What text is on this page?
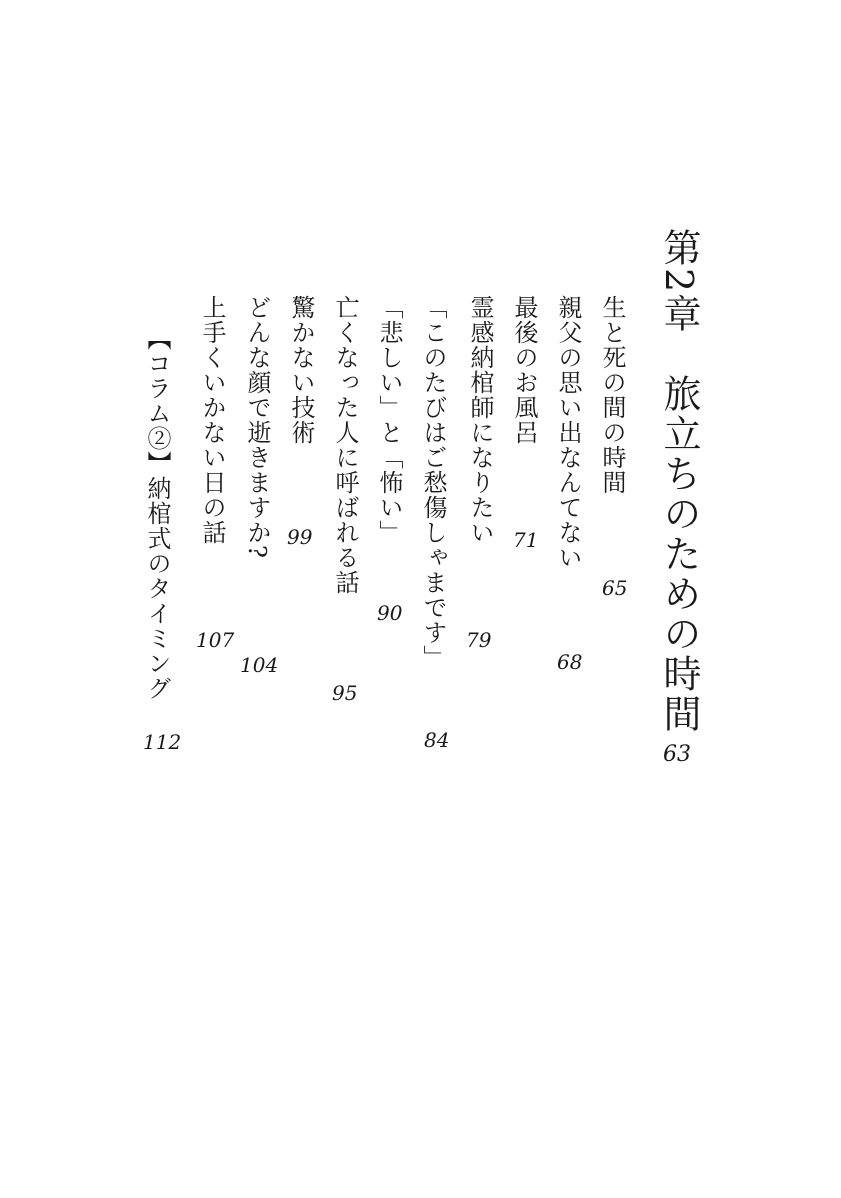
第2章　旅立ちのための時間
63
生と死の間の時間
65
親父の思い出なんてない
68
最後のお風呂
71
霊感納棺師になりたい
79
「このたびはご愁傷しゃまです」
84
「悲しい」と「怖い」
90
亡くなった人に呼ばれる話
95
驚かない技術
99
どんな顔で逝きますか?
104
上手くいかない日の話
107
【コラム②】納棺式のタイミング
112
